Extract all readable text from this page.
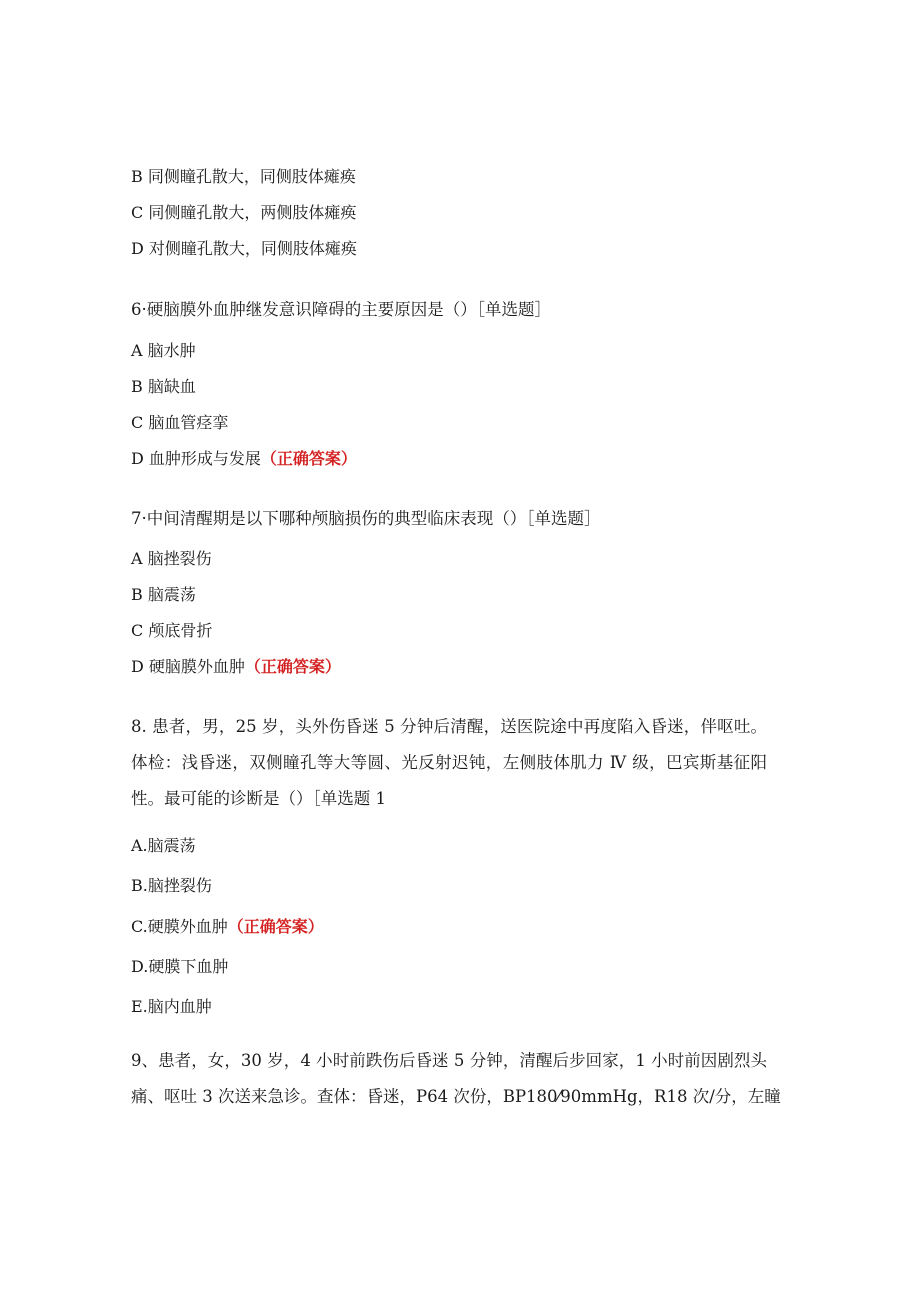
B 同侧瞳孔散大，同侧肢体瘫痪
C 同侧瞳孔散大，两侧肢体瘫痪
D 对侧瞳孔散大，同侧肢体瘫痪
6·硬脑膜外血肿继发意识障碍的主要原因是（）［单选题］
A 脑水肿
B 脑缺血
C 脑血管痉挛
D 血肿形成与发展（正确答案）
7·中间清醒期是以下哪种颅脑损伤的典型临床表现（）［单选题］
A 脑挫裂伤
B 脑震荡
C 颅底骨折
D 硬脑膜外血肿（正确答案）
8. 患者，男，25 岁，头外伤昏迷 5 分钟后清醒，送医院途中再度陷入昏迷，伴呕吐。
体检：浅昏迷，双侧瞳孔等大等圆、光反射迟钝，左侧肢体肌力 Ⅳ 级，巴宾斯基征阳
性。最可能的诊断是（）［单选题 1
A.脑震荡
B.脑挫裂伤
C.硬膜外血肿（正确答案）
D.硬膜下血肿
E.脑内血肿
9、患者，女，30 岁，4 小时前跌伤后昏迷 5 分钟，清醒后步回家，1 小时前因剧烈头
痛、呕吐 3 次送来急诊。查体：昏迷，P64 次份，BP180⁄90mmHg，R18 次/分，左瞳
